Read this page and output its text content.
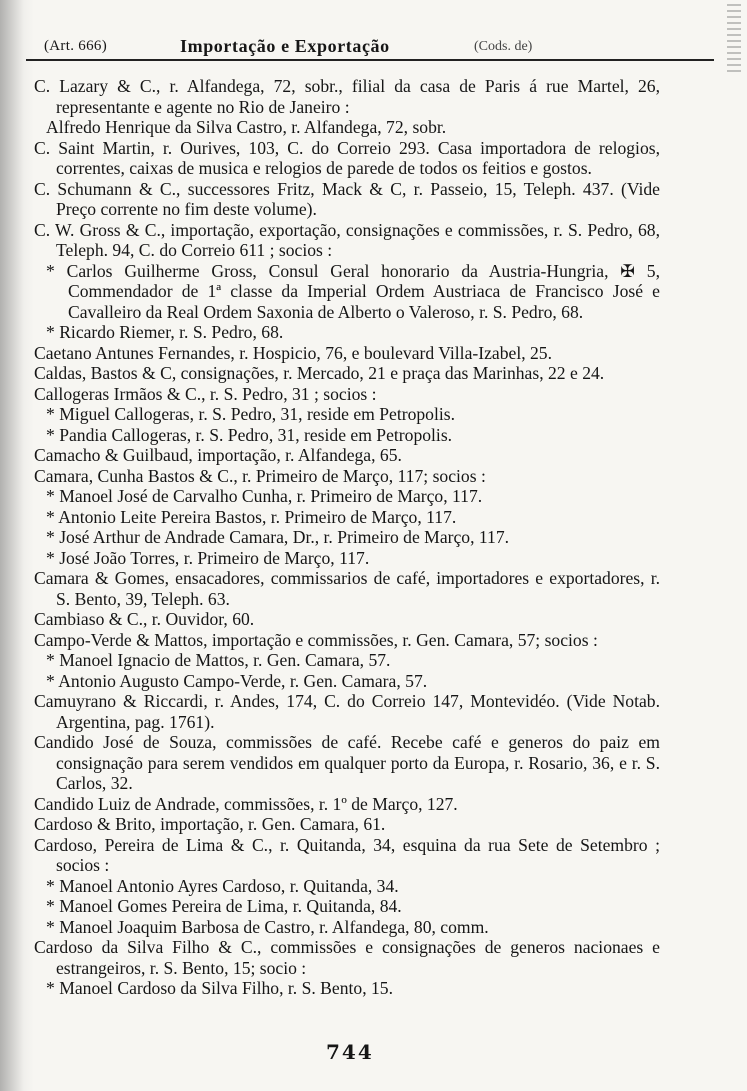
(Art. 666)	Importação e Exportação	(Cods. de)

C. Lazary & C., r. Alfandega, 72, sobr., filial da casa de Paris á rue Martel, 26, representante e agente no Rio de Janeiro :

Alfredo Henrique da Silva Castro, r. Alfandega, 72, sobr.

C. Saint Martin, r. Ourives, 103, C. do Correio 293. Casa importadora de relogios, correntes, caixas de musica e relogios de parede de todos os feitios e gostos.

C. Schumann & C., successores Fritz, Mack & C, r. Passeio, 15, Teleph. 437. (Vide Preço corrente no fim deste volume).

C. W. Gross & C., importação, exportação, consignações e commissões, r. S. Pedro, 68, Teleph. 94, C. do Correio 611 ; socios :

* Carlos Guilherme Gross, Consul Geral honorario da Austria-Hungria, ✠ 5, Commendador de 1ª classe da Imperial Ordem Austriaca de Francisco José e Cavalleiro da Real Ordem Saxonia de Alberto o Valeroso, r. S. Pedro, 68.

* Ricardo Riemer, r. S. Pedro, 68.

Caetano Antunes Fernandes, r. Hospicio, 76, e boulevard Villa-Izabel, 25.

Caldas, Bastos & C, consignações, r. Mercado, 21 e praça das Marinhas, 22 e 24.

Callogeras Irmãos & C., r. S. Pedro, 31 ; socios :

* Miguel Callogeras, r. S. Pedro, 31, reside em Petropolis.

* Pandia Callogeras, r. S. Pedro, 31, reside em Petropolis.

Camacho & Guilbaud, importação, r. Alfandega, 65.

Camara, Cunha Bastos & C., r. Primeiro de Março, 117; socios :

* Manoel José de Carvalho Cunha, r. Primeiro de Março, 117.

* Antonio Leite Pereira Bastos, r. Primeiro de Março, 117.

* José Arthur de Andrade Camara, Dr., r. Primeiro de Março, 117.

* José João Torres, r. Primeiro de Março, 117.

Camara & Gomes, ensacadores, commissarios de café, importadores e exportadores, r. S. Bento, 39, Teleph. 63.

Cambiaso & C., r. Ouvidor, 60.

Campo-Verde & Mattos, importação e commissões, r. Gen. Camara, 57; socios :

* Manoel Ignacio de Mattos, r. Gen. Camara, 57.

* Antonio Augusto Campo-Verde, r. Gen. Camara, 57.

Camuyrano & Riccardi, r. Andes, 174, C. do Correio 147, Montevidéo. (Vide Notab. Argentina, pag. 1761).

Candido José de Souza, commissões de café. Recebe café e generos do paiz em consignação para serem vendidos em qualquer porto da Europa, r. Rosario, 36, e r. S. Carlos, 32.

Candido Luiz de Andrade, commissões, r. 1º de Março, 127.

Cardoso & Brito, importação, r. Gen. Camara, 61.

Cardoso, Pereira de Lima & C., r. Quitanda, 34, esquina da rua Sete de Setembro ; socios :

* Manoel Antonio Ayres Cardoso, r. Quitanda, 34.

* Manoel Gomes Pereira de Lima, r. Quitanda, 84.

* Manoel Joaquim Barbosa de Castro, r. Alfandega, 80, comm.

Cardoso da Silva Filho & C., commissões e consignações de generos nacionaes e estrangeiros, r. S. Bento, 15; socio :

* Manoel Cardoso da Silva Filho, r. S. Bento, 15.

744
